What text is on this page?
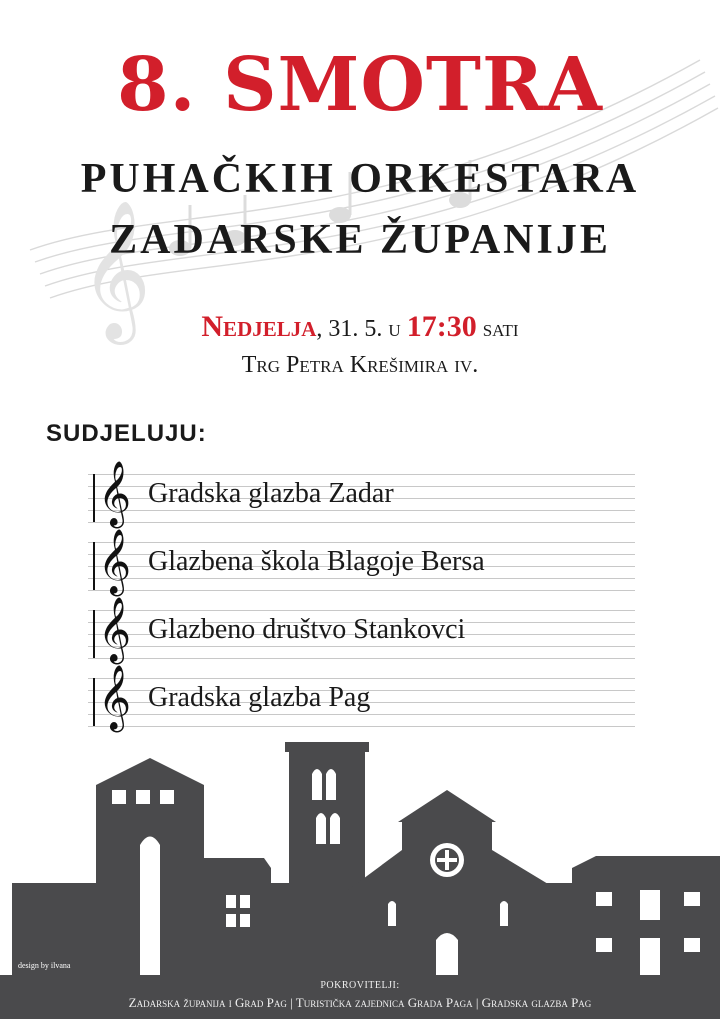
𝄞
8. SMOTRA
PUHAČKIH ORKESTARA
ZADARSKE ŽUPANIJE
Nedjelja, 31. 5. u 17:30 sati
Trg Petra Krešimira iv.
SUDJELUJU:
𝄞 Gradska glazba Zadar
𝄞 Glazbena škola Blagoje Bersa
𝄞 Glazbeno društvo Stankovci
𝄞 Gradska glazba Pag
design by ilvana
POKROVITELJI:
Zadarska županija i Grad Pag | Turistička zajednica Grada Paga | Gradska glazba Pag
